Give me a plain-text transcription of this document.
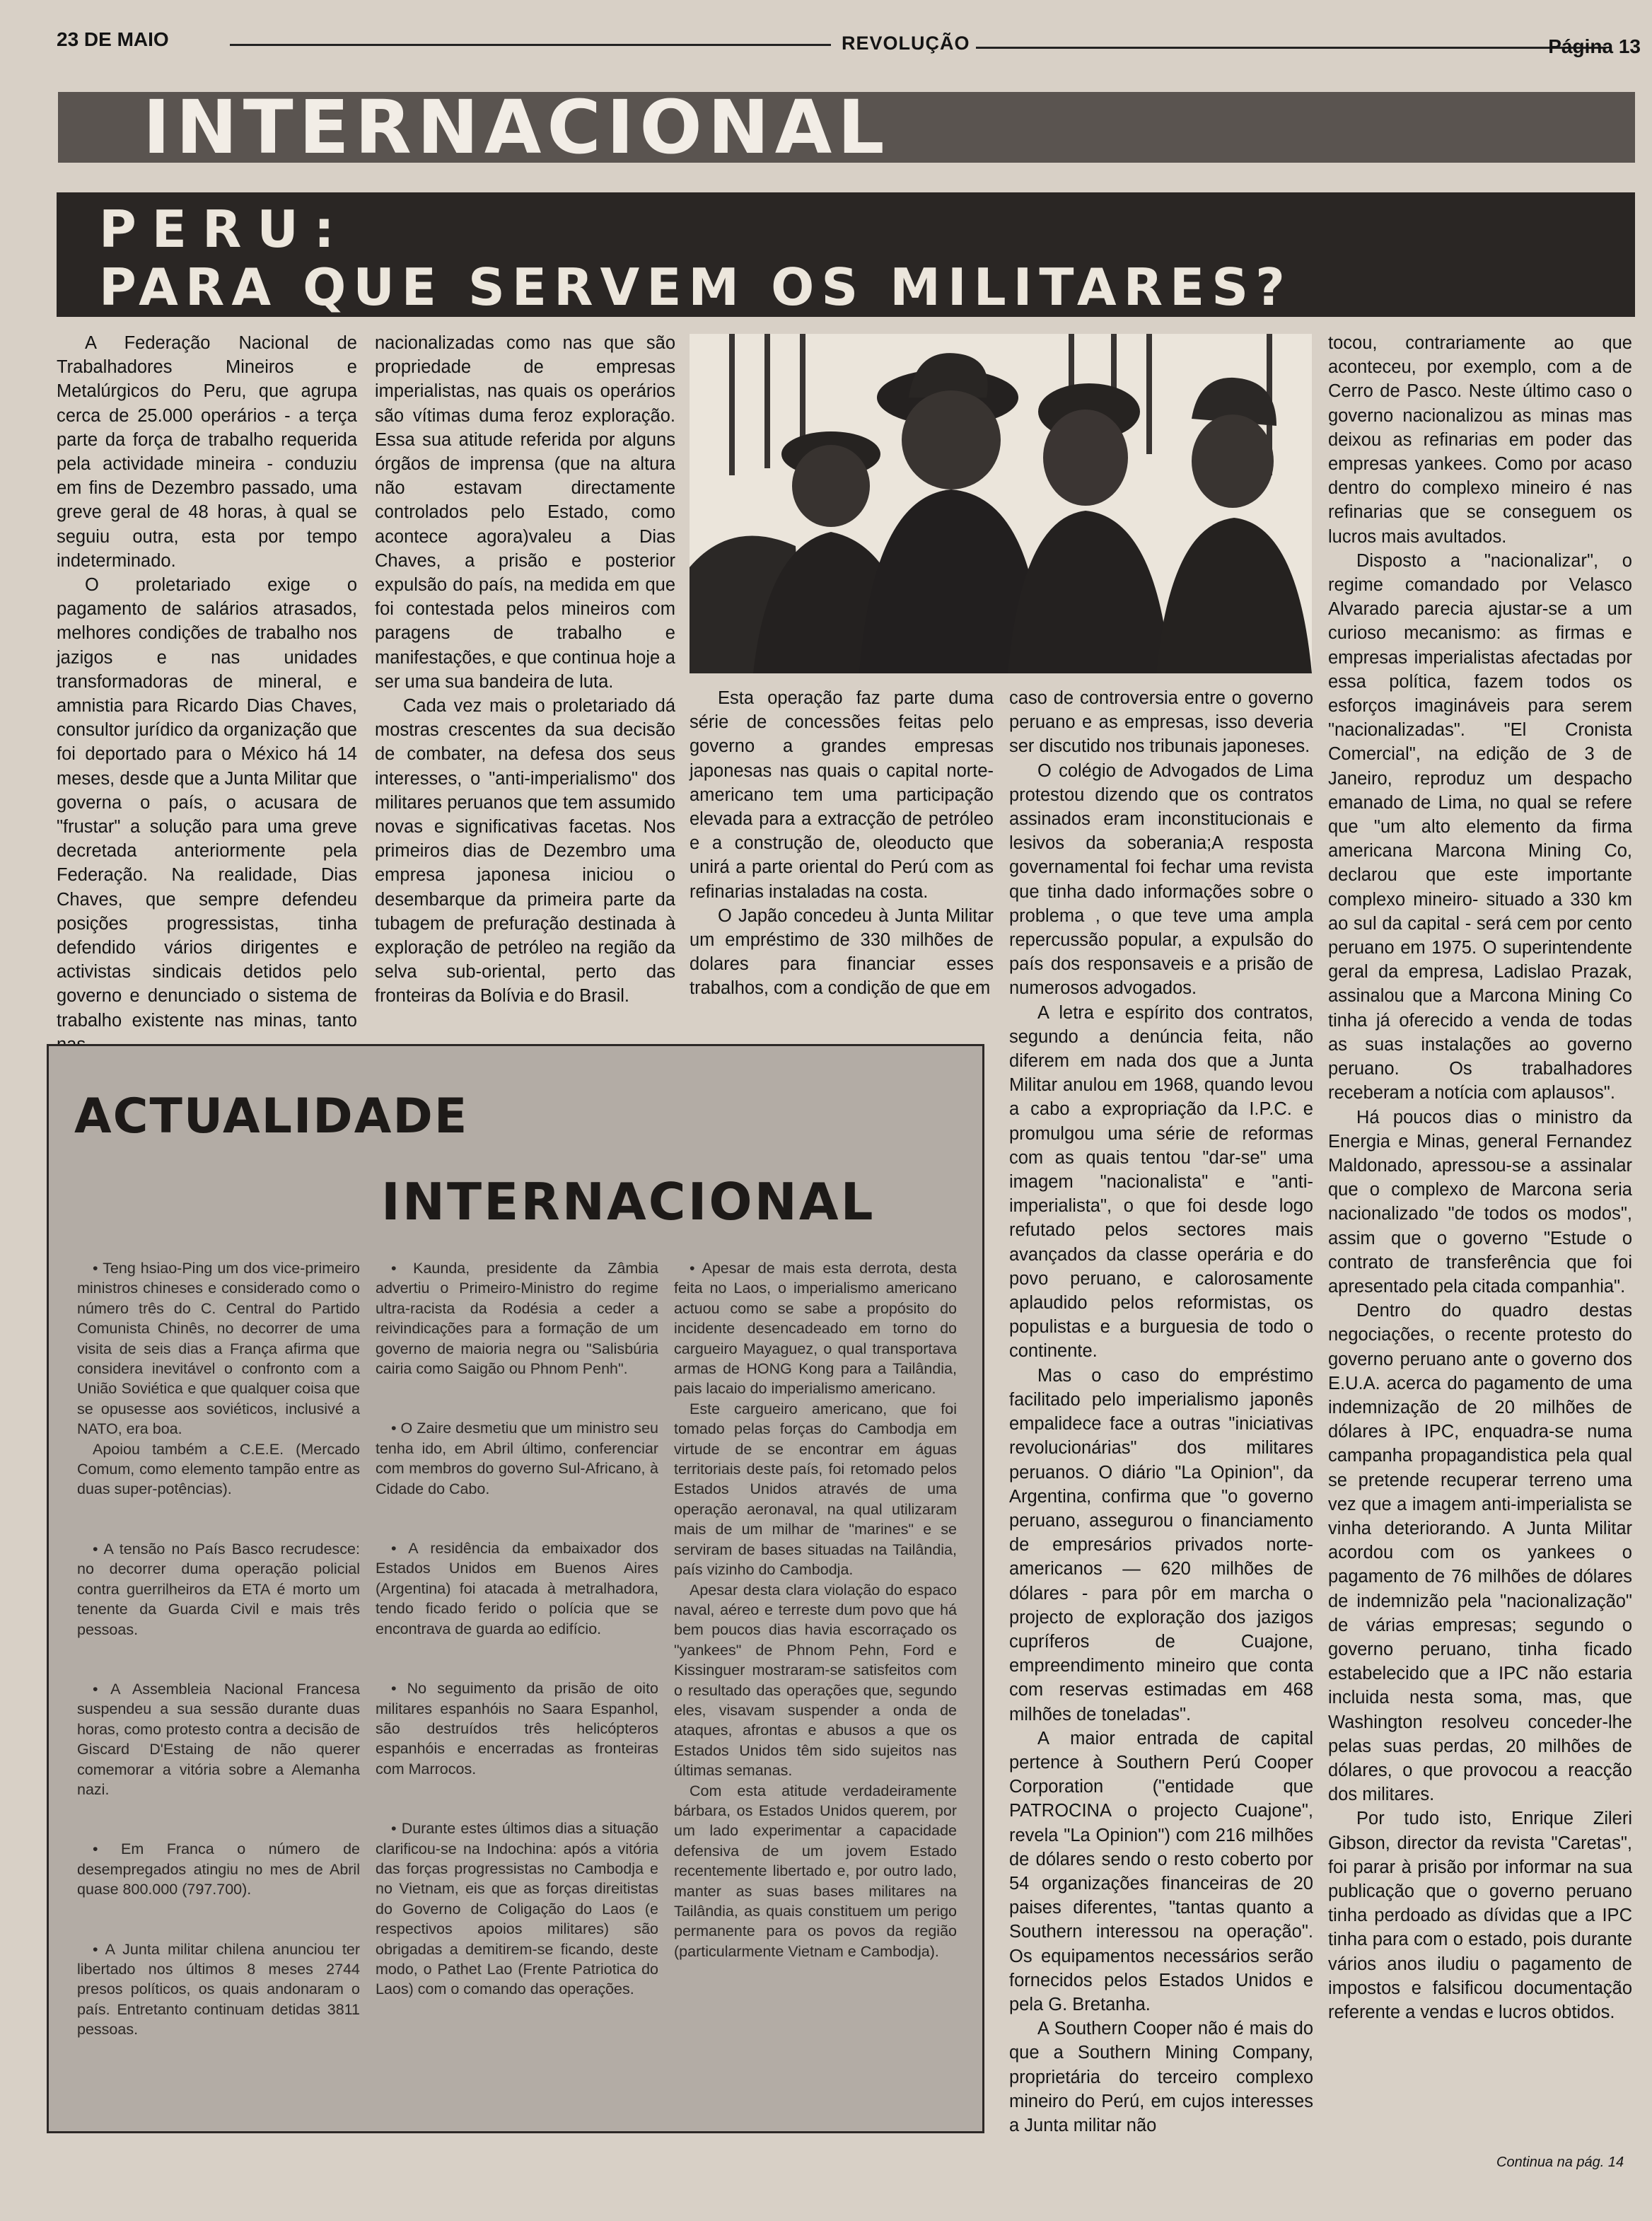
23 DE MAIO	REVOLUÇÃO	Página 13
INTERNACIONAL
PERU:
PARA QUE SERVEM OS MILITARES?

A Federação Nacional de Trabalhadores Mineiros e Metalúrgicos do Peru, que agrupa cerca de 25.000 operários - a terça parte da força de trabalho requerida pela actividade mineira - conduziu em fins de Dezembro passado, uma greve geral de 48 horas, à qual se seguiu outra, esta por tempo indeterminado.

O proletariado exige o pagamento de salários atrasados, melhores condições de trabalho nos jazigos e nas unidades transformadoras de mineral, e amnistia para Ricardo Dias Chaves, consultor jurídico da organização que foi deportado para o México há 14 meses, desde que a Junta Militar que governa o país, o acusara de "frustar" a solução para uma greve decretada anteriormente pela Federação. Na realidade, Dias Chaves, que sempre defendeu posições progressistas, tinha defendido vários dirigentes e activistas sindicais detidos pelo governo e denunciado o sistema de trabalho existente nas minas, tanto

nacionalizadas como nas que são propriedade de empresas imperialistas, nas quais os operários são vítimas duma feroz exploração. Essa sua atitude referida por alguns órgãos de imprensa (que na altura não estavam directamente controlados pelo Estado, como acontece agora)valeu a Dias Chaves, a prisão e posterior expulsão do país, na medida em que foi contestada pelos mineiros com paragens de trabalho e manifestações, e que continua hoje a ser uma sua bandeira de luta.

Cada vez mais o proletariado dá mostras crescentes da sua decisão de combater, na defesa dos seus interesses, o "anti-imperialismo" dos militares peruanos que tem assumido novas e significativas facetas. Nos primeiros dias de Dezembro uma empresa japonesa iniciou o desembarque da primeira parte da tubagem de prefuração destinada à exploração de petróleo na região da selva sub-oriental, perto das fronteiras da Bolívia e do Brasil.

Esta operação faz parte duma série de concessões feitas pelo governo a grandes empresas japonesas nas quais o capital norte-americano tem uma participação elevada para a extracção de petróleo e a construção de, oleoducto que unirá a parte oriental do Perú com as refinarias instaladas na costa.

O Japão concedeu à Junta Militar um empréstimo de 330 milhões de dolares para financiar esses trabalhos, com a condição de que em

caso de controversia entre o governo peruano e as empresas, isso deveria ser discutido nos tribunais japoneses.

O colégio de Advogados de Lima protestou dizendo que os contratos assinados eram inconstitucionais e lesivos da soberania;A resposta governamental foi fechar uma revista que tinha dado informações sobre o problema , o que teve uma ampla repercussão popular, a expulsão do país dos responsaveis e a prisão de numerosos advogados.

A letra e espírito dos contratos, segundo a denúncia feita, não diferem em nada dos que a Junta Militar anulou em 1968, quando levou a cabo a expropriação da I.P.C. e promulgou uma série de reformas com as quais tentou "dar-se" uma imagem "nacionalista" e "anti-imperialista", o que foi desde logo refutado pelos sectores mais avançados da classe operária e do povo peruano, e calorosamente aplaudido pelos reformistas, os populistas e a burguesia de todo o continente.

Mas o caso do empréstimo facilitado pelo imperialismo japonês empalidece face a outras "iniciativas revolucionárias" dos militares peruanos. O diário "La Opinion", da Argentina, confirma que "o governo peruano, assegurou o financiamento de empresários privados norte-americanos — 620 milhões de dólares - para pôr em marcha o projecto de exploração dos jazigos cupríferos de Cuajone, empreendimento mineiro que conta com reservas estimadas em 468 milhões de toneladas".

A maior entrada de capital pertence à Southern Perú Cooper Corporation ("entidade que PATROCINA o projecto Cuajone", revela "La Opinion") com 216 milhões de dólares sendo o resto coberto por 54 organizações financeiras de 20 paises diferentes, "tantas quanto a Southern interessou na operação". Os equipamentos necessários serão fornecidos pelos Estados Unidos e pela G. Bretanha.

A Southern Cooper não é mais do que a Southern Mining Company, proprietária do terceiro complexo mineiro do Perú, em cujos interesses a Junta militar não

tocou, contrariamente ao que aconteceu, por exemplo, com a de Cerro de Pasco. Neste último caso o governo nacionalizou as minas mas deixou as refinarias em poder das empresas yankees. Como por acaso dentro do complexo mineiro é nas refinarias que se conseguem os lucros mais avultados.

Disposto a "nacionalizar", o regime comandado por Velasco Alvarado parecia ajustar-se a um curioso mecanismo: as firmas e empresas imperialistas afectadas por essa política, fazem todos os esforços imagináveis para serem "nacionalizadas". "El Cronista Comercial", na edição de 3 de Janeiro, reproduz um despacho emanado de Lima, no qual se refere que "um alto elemento da firma americana Marcona Mining Co, declarou que este importante complexo mineiro- situado a 330 km ao sul da capital - será cem por cento peruano em 1975. O superintendente geral da empresa, Ladislao Prazak, assinalou que a Marcona Mining Co tinha já oferecido a venda de todas as suas instalações ao governo peruano. Os trabalhadores receberam a notícia com aplausos".

Há poucos dias o ministro da Energia e Minas, general Fernandez Maldonado, apressou-se a assinalar que o complexo de Marcona seria nacionalizado "de todos os modos", assim que o governo "Estude o contrato de transferência que foi apresentado pela citada companhia".

Dentro do quadro destas negociações, o recente protesto do governo peruano ante o governo dos E.U.A. acerca do pagamento de uma indemnização de 20 milhões de dólares à IPC, enquadra-se numa campanha propagandistica pela qual se pretende recuperar terreno uma vez que a imagem anti-imperialista se vinha deteriorando. A Junta Militar acordou com os yankees o pagamento de 76 milhões de dólares de indemnizão pela "nacionalização" de várias empresas; segundo o governo peruano, tinha ficado estabelecido que a IPC não estaria incluida nesta soma, mas, que Washington resolveu conceder-lhe pelas suas perdas, 20 milhões de dólares, o que provocou a reacção dos militares.

Por tudo isto, Enrique Zileri Gibson, director da revista "Caretas", foi parar à prisão por informar na sua publicação que o governo peruano tinha perdoado as dívidas que a IPC tinha para com o estado, pois durante vários anos iludiu o pagamento de impostos e falsificou documentação referente a vendas e lucros obtidos.

Continua na pág. 14
ACTUALIDADE
INTERNACIONAL

• Teng hsiao-Ping um dos vice-primeiro ministros chineses e considerado como o número três do C. Central do Partido Comunista Chinês, no decorrer de uma visita de seis dias a França afirma que considera inevitável o confronto com a União Soviética e que qualquer coisa que se opusesse aos soviéticos, inclusivé a NATO, era boa.

Apoiou também a C.E.E. (Mercado Comum, como elemento tampão entre as duas super-potências).

• A tensão no País Basco recrudesce: no decorrer duma operação policial contra guerrilheiros da ETA é morto um tenente da Guarda Civil e mais três pessoas.

• A Assembleia Nacional Francesa suspendeu a sua sessão durante duas horas, como protesto contra a decisão de Giscard D'Estaing de não querer comemorar a vitória sobre a Alemanha nazi.

• Em Franca o número de desempregados atingiu no mes de Abril quase 800.000 (797.700).

• A Junta militar chilena anunciou ter libertado nos últimos 8 meses 2744 presos políticos, os quais andonaram o país. Entretanto continuam detidas 3811 pessoas.

• Kaunda, presidente da Zâmbia advertiu o Primeiro-Ministro do regime ultra-racista da Rodésia a ceder a reivindicações para a formação de um governo de maioria negra ou "Salisbúria cairia como Saigão ou Phnom Penh".

• O Zaire desmetiu que um ministro seu tenha ido, em Abril último, conferenciar com membros do governo Sul-Africano, à Cidade do Cabo.

• A residência da embaixador dos Estados Unidos em Buenos Aires (Argentina) foi atacada à metralhadora, tendo ficado ferido o polícia que se encontrava de guarda ao edifício.

• No seguimento da prisão de oito militares espanhóis no Saara Espanhol, são destruídos três helicópteros espanhóis e encerradas as fronteiras com Marrocos.

• Durante estes últimos dias a situação clarificou-se na Indochina: após a vitória das forças progressistas no Cambodja e no Vietnam, eis que as forças direitistas do Governo de Coligação do Laos (e respectivos apoios militares) são obrigadas a demitirem-se ficando, deste modo, o Pathet Lao (Frente Patriotica do Laos) com o comando das operações.

• Apesar de mais esta derrota, desta feita no Laos, o imperialismo americano actuou como se sabe a propósito do incidente desencadeado em torno do cargueiro Mayaguez, o qual transportava armas de HONG Kong para a Tailândia, pais lacaio do imperialismo americano.

Este cargueiro americano, que foi tomado pelas forças do Cambodja em virtude de se encontrar em águas territoriais deste país, foi retomado pelos Estados Unidos através de uma operação aeronaval, na qual utilizaram mais de um milhar de "marines" e se serviram de bases situadas na Tailândia, país vizinho do Cambodja.

Apesar desta clara violação do espaco naval, aéreo e terreste dum povo que há bem poucos dias havia escorraçado os "yankees" de Phnom Pehn, Ford e Kissinguer mostraram-se satisfeitos com o resultado das operações que, segundo eles, visavam suspender a onda de ataques, afrontas e abusos a que os Estados Unidos têm sido sujeitos nas últimas semanas.

Com esta atitude verdadeiramente bárbara, os Estados Unidos querem, por um lado experimentar a capacidade defensiva de um jovem Estado recentemente libertado e, por outro lado, manter as suas bases militares na Tailândia, as quais constituem um perigo permanente para os povos da região (particularmente Vietnam e Cambodja).
